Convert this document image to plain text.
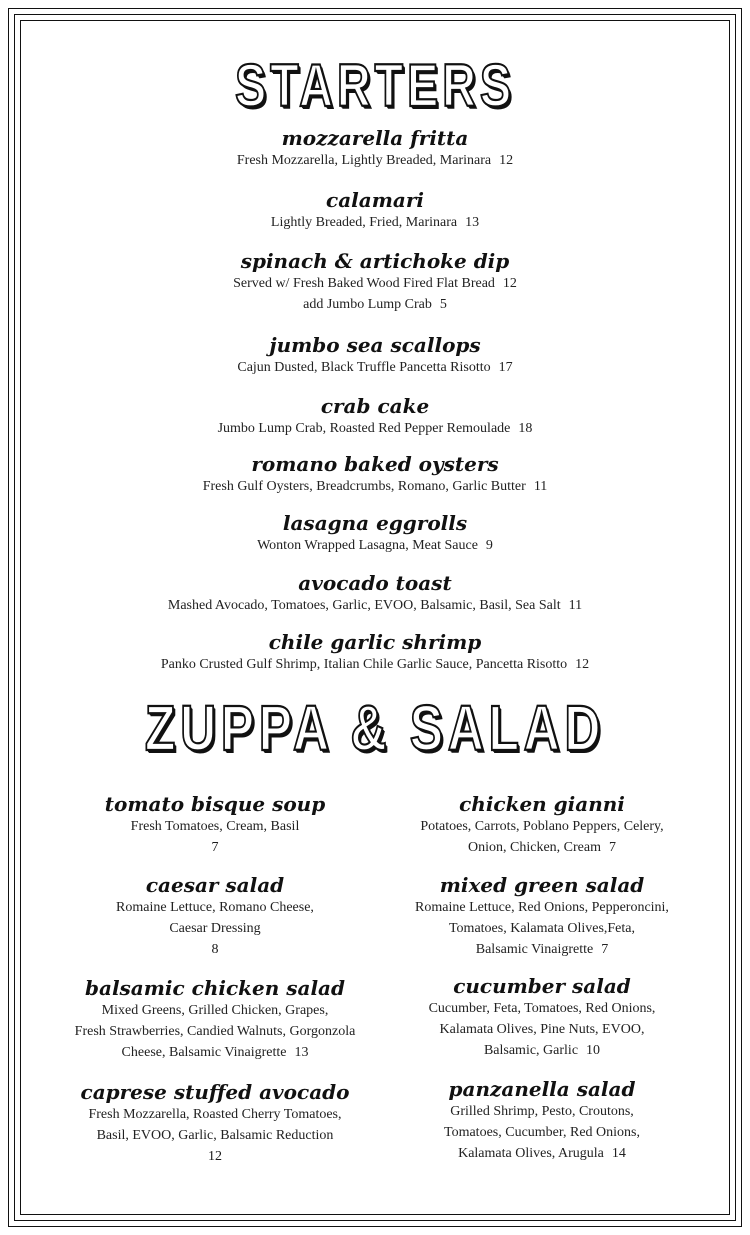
STARTERS
mozzarella fritta
Fresh Mozzarella, Lightly Breaded, Marinara 12
calamari
Lightly Breaded, Fried, Marinara 13
spinach & artichoke dip
Served w/ Fresh Baked Wood Fired Flat Bread 12
add Jumbo Lump Crab 5
jumbo sea scallops
Cajun Dusted, Black Truffle Pancetta Risotto 17
crab cake
Jumbo Lump Crab, Roasted Red Pepper Remoulade 18
romano baked oysters
Fresh Gulf Oysters, Breadcrumbs, Romano, Garlic Butter 11
lasagna eggrolls
Wonton Wrapped Lasagna, Meat Sauce 9
avocado toast
Mashed Avocado, Tomatoes, Garlic, EVOO, Balsamic, Basil, Sea Salt 11
chile garlic shrimp
Panko Crusted Gulf Shrimp, Italian Chile Garlic Sauce, Pancetta Risotto 12
ZUPPA & SALAD
tomato bisque soup
Fresh Tomatoes, Cream, Basil
7
caesar salad
Romaine Lettuce, Romano Cheese,
Caesar Dressing
8
balsamic chicken salad
Mixed Greens, Grilled Chicken, Grapes,
Fresh Strawberries, Candied Walnuts, Gorgonzola
Cheese, Balsamic Vinaigrette 13
caprese stuffed avocado
Fresh Mozzarella, Roasted Cherry Tomatoes,
Basil, EVOO, Garlic, Balsamic Reduction
12
chicken gianni
Potatoes, Carrots, Poblano Peppers, Celery,
Onion, Chicken, Cream 7
mixed green salad
Romaine Lettuce, Red Onions, Pepperoncini,
Tomatoes, Kalamata Olives,Feta,
Balsamic Vinaigrette 7
cucumber salad
Cucumber, Feta, Tomatoes, Red Onions,
Kalamata Olives, Pine Nuts, EVOO,
Balsamic, Garlic 10
panzanella salad
Grilled Shrimp, Pesto, Croutons,
Tomatoes, Cucumber, Red Onions,
Kalamata Olives, Arugula 14
